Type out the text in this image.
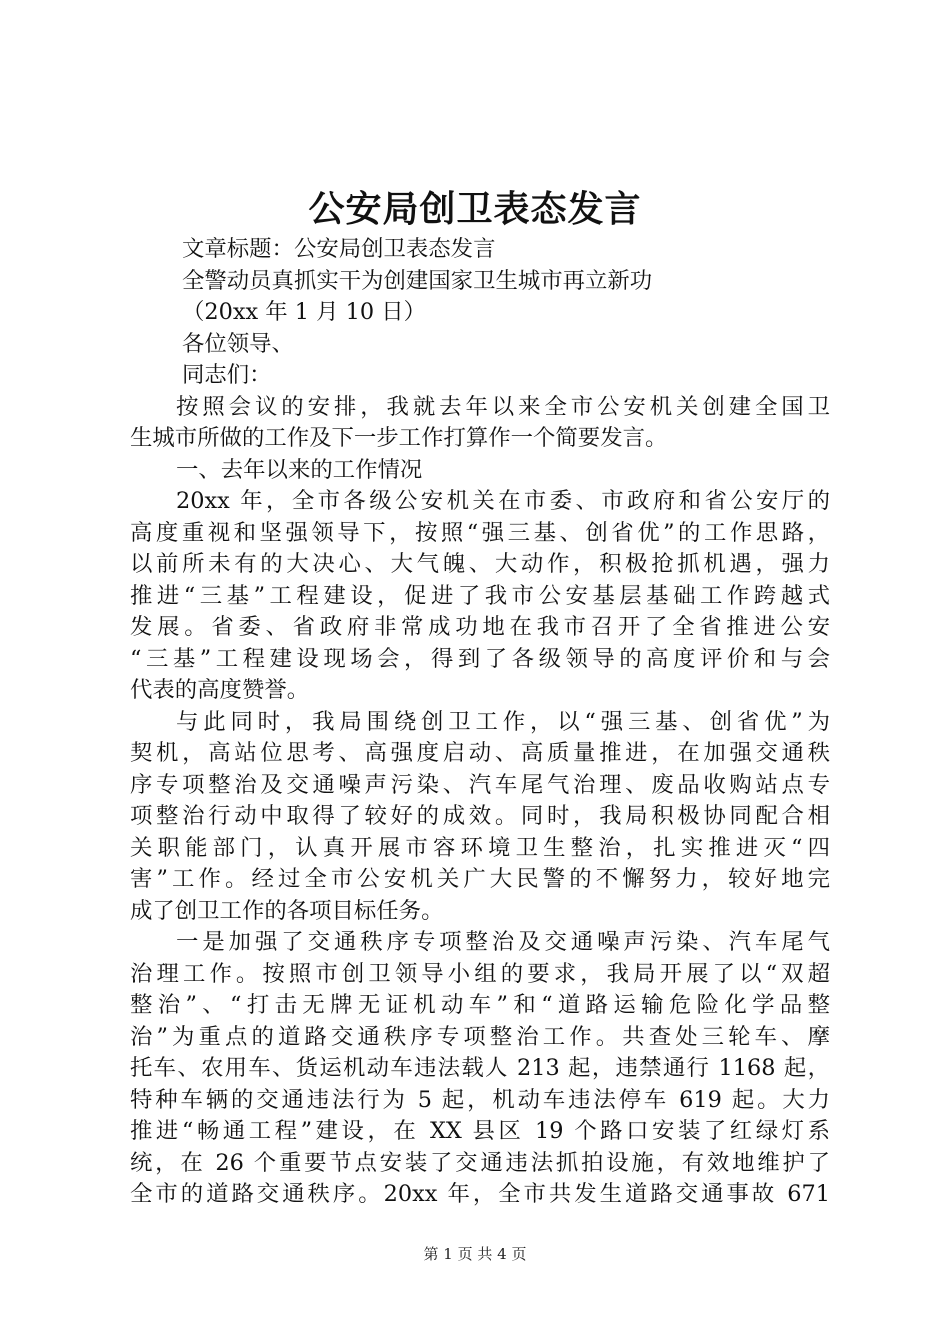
公安局创卫表态发言
文章标题：公安局创卫表态发言
全警动员真抓实干为创建国家卫生城市再立新功
（20xx 年 1 月 10 日）
各位领导、
同志们：
按照会议的安排，我就去年以来全市公安机关创建全国卫
生城市所做的工作及下一步工作打算作一个简要发言。
一、去年以来的工作情况
20xx 年，全市各级公安机关在市委、市政府和省公安厅的
高度重视和坚强领导下，按照“强三基、创省优”的工作思路，
以前所未有的大决心、大气魄、大动作，积极抢抓机遇，强力
推进“三基”工程建设，促进了我市公安基层基础工作跨越式
发展。省委、省政府非常成功地在我市召开了全省推进公安
“三基”工程建设现场会，得到了各级领导的高度评价和与会
代表的高度赞誉。
与此同时，我局围绕创卫工作，以“强三基、创省优”为
契机，高站位思考、高强度启动、高质量推进，在加强交通秩
序专项整治及交通噪声污染、汽车尾气治理、废品收购站点专
项整治行动中取得了较好的成效。同时，我局积极协同配合相
关职能部门，认真开展市容环境卫生整治，扎实推进灭“四
害”工作。经过全市公安机关广大民警的不懈努力，较好地完
成了创卫工作的各项目标任务。
一是加强了交通秩序专项整治及交通噪声污染、汽车尾气
治理工作。按照市创卫领导小组的要求，我局开展了以“双超
整治”、“打击无牌无证机动车”和“道路运输危险化学品整
治”为重点的道路交通秩序专项整治工作。共查处三轮车、摩
托车、农用车、货运机动车违法载人 213 起，违禁通行 1168 起，
特种车辆的交通违法行为 5 起，机动车违法停车 619 起。大力
推进“畅通工程”建设，在 XX 县区 19 个路口安装了红绿灯系
统，在 26 个重要节点安装了交通违法抓拍设施，有效地维护了
全市的道路交通秩序。20xx 年，全市共发生道路交通事故 671
第 1 页 共 4 页
